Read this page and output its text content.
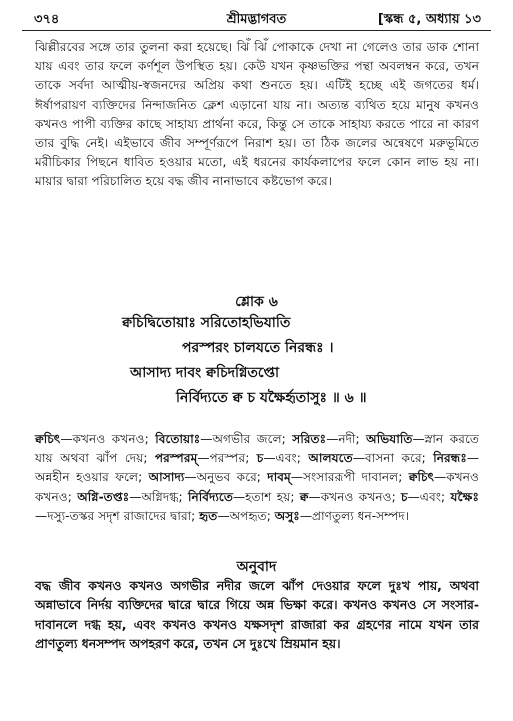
৩৭৪	শ্রীমদ্ভাগবত	[স্কন্ধ ৫, অধ্যায় ১৩
ঝিল্লীরবের সঙ্গে তার তুলনা করা হয়েছে। ঝিঁ ঝিঁ পোকাকে দেখা না গেলেও তার ডাক শোনা যায় এবং তার ফলে কর্ণশূল উপস্থিত হয়। কেউ যখন কৃষ্ণভক্তির পন্থা অবলম্বন করে, তখন তাকে সর্বদা আত্মীয়-স্বজনদের অপ্রিয় কথা শুনতে হয়। এটিই হচ্ছে এই জগতের ধর্ম। ঈর্ষাপরায়ণ ব্যক্তিদের নিন্দাজনিত ক্লেশ এড়ানো যায় না। অত্যন্ত ব্যথিত হয়ে মানুষ কখনও কখনও পাপী ব্যক্তির কাছে সাহায্য প্রার্থনা করে, কিন্তু সে তাকে সাহায্য করতে পারে না কারণ তার বুদ্ধি নেই। এইভাবে জীব সম্পূর্ণরূপে নিরাশ হয়। তা ঠিক জলের অন্বেষণে মরুভূমিতে মরীচিকার পিছনে ধাবিত হওয়ার মতো, এই ধরনের কার্যকলাপের ফলে কোন লাভ হয় না। মায়ার দ্বারা পরিচালিত হয়ে বদ্ধ জীব নানাভাবে কষ্টভোগ করে।
শ্লোক ৬
ক্বচিদ্বিতোয়াঃ সরিতোহভিযাতি
পরস্পরং চালযতে নিরন্ধঃ ।
আসাদ্য দাবং ক্বচিদগ্নিতপ্তো
নির্বিদ্যতে ক্ব চ যক্ষৈর্হৃতাসুঃ ॥ ৬ ॥
ক্বচিৎ—কখনও কখনও; বিতোয়াঃ—অগভীর জলে; সরিতঃ—নদী; অভিযাতি—স্নান করতে যায় অথবা ঝাঁপ দেয়; পরস্পরম্—পরস্পর; চ—এবং; আলযতে—বাসনা করে; নিরন্ধঃ—অন্নহীন হওয়ার ফলে; আসাদ্য—অনুভব করে; দাবম্—সংসাররূপী দাবানল; ক্বচিৎ—কখনও কখনও; অগ্নি-তপ্তঃ—অগ্নিদগ্ধ; নির্বিদ্যতে—হতাশ হয়; ক্ব—কখনও কখনও; চ—এবং; যক্ষৈঃ—দস্যু-তস্কর সদৃশ রাজাদের দ্বারা; হৃত—অপহৃত; অসুঃ—প্রাণতুল্য ধন-সম্পদ।
অনুবাদ
বদ্ধ জীব কখনও কখনও অগভীর নদীর জলে ঝাঁপ দেওয়ার ফলে দুঃখ পায়, অথবা অন্নাভাবে নির্দয় ব্যক্তিদের দ্বারে দ্বারে গিয়ে অন্ন ভিক্ষা করে। কখনও কখনও সে সংসার-দাবানলে দগ্ধ হয়, এবং কখনও কখনও যক্ষসদৃশ রাজারা কর গ্রহণের নামে যখন তার প্রাণতুল্য ধনসম্পদ অপহরণ করে, তখন সে দুঃখে ম্রিয়মান হয়।
